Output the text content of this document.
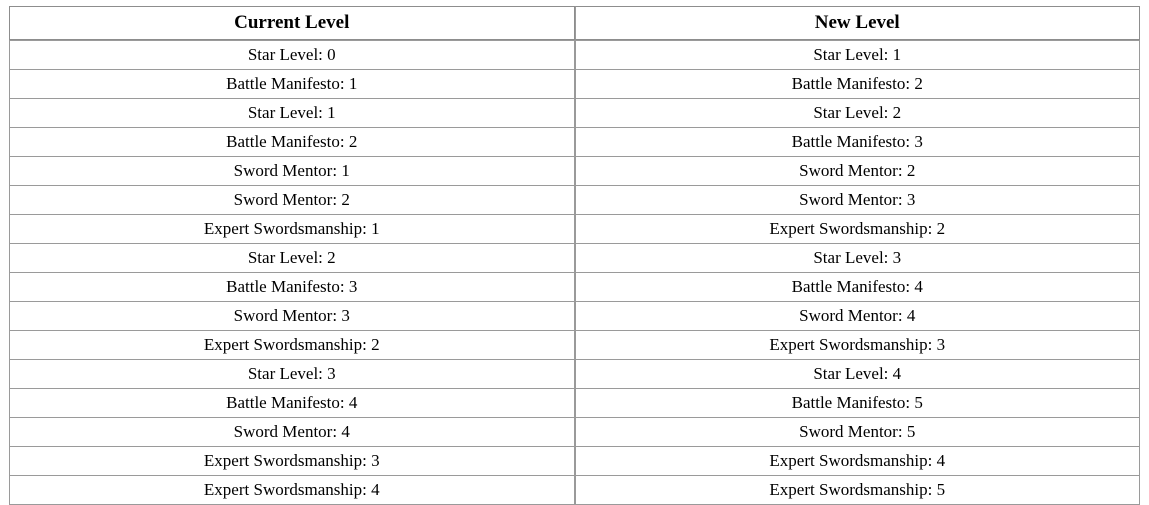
Current Level	New Level
Star Level: 0	Star Level: 1
Battle Manifesto: 1	Battle Manifesto: 2
Star Level: 1	Star Level: 2
Battle Manifesto: 2	Battle Manifesto: 3
Sword Mentor: 1	Sword Mentor: 2
Sword Mentor: 2	Sword Mentor: 3
Expert Swordsmanship: 1	Expert Swordsmanship: 2
Star Level: 2	Star Level: 3
Battle Manifesto: 3	Battle Manifesto: 4
Sword Mentor: 3	Sword Mentor: 4
Expert Swordsmanship: 2	Expert Swordsmanship: 3
Star Level: 3	Star Level: 4
Battle Manifesto: 4	Battle Manifesto: 5
Sword Mentor: 4	Sword Mentor: 5
Expert Swordsmanship: 3	Expert Swordsmanship: 4
Expert Swordsmanship: 4	Expert Swordsmanship: 5
